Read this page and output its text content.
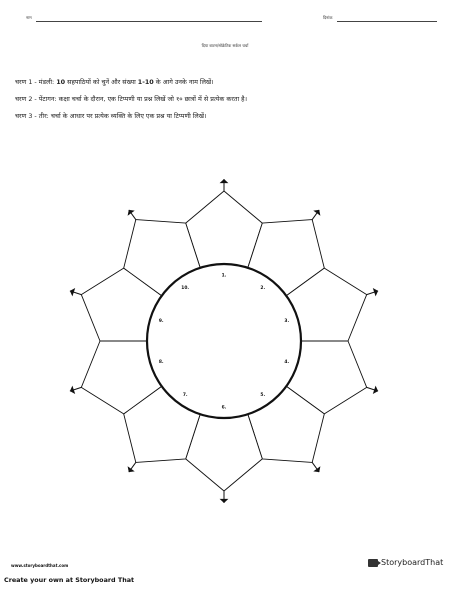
नाम	दिनांक
दिया बाटन/सोक्रेटिक सर्कल चर्चा
चरण 1 - मंडली: 10 सहपाठियों को चुनें और संख्या 1-10 के आगे उनके नाम लिखें।
चरण 2 - पेंटागन: कक्षा चर्चा के दौरान, एक टिप्पणी या प्रश्न लिखें जो १० छात्रों में से प्रत्येक करता है।
चरण 3 - तीर: चर्चा के आधार पर प्रत्येक व्यक्ति के लिए एक प्रश्न या टिप्पणी लिखें।
1.
2.
3.
4.
5.
6.
7.
8.
9.
10.
www.storyboardthat.com	StoryboardThat
Create your own at Storyboard That
